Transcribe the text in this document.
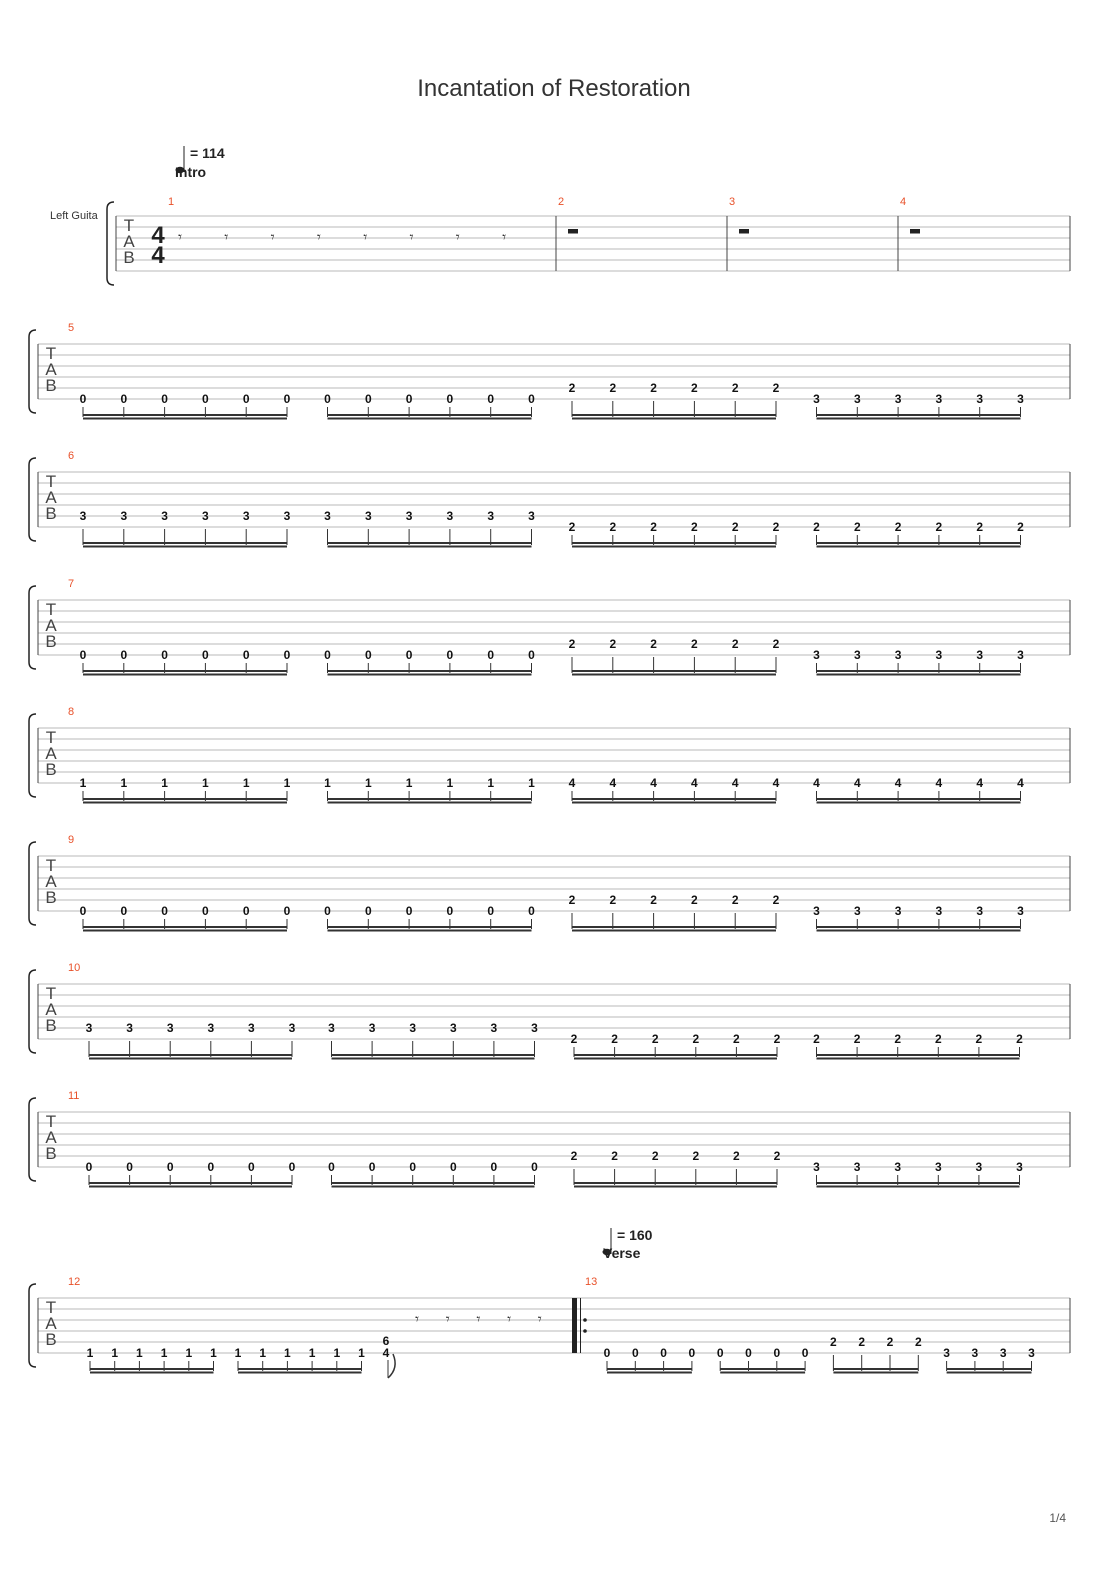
Incantation of Restoration
= 114
Intro
= 160
Verse
Left Guita T
A
B
4
4
1
𝄾	𝄾	𝄾	𝄾	𝄾	𝄾	𝄾	𝄾
2	3	4
T
A
B
5
0	0	0	0	0	0	0	0	0	0	0	0
2	2	2	2	2	2
3	3	3	3	3	3
T
A
B
6
3	3	3	3	3	3	3	3	3	3	3	3
2	2	2	2	2	2	2	2	2	2	2	2
T
A
B
7
0	0	0	0	0	0	0	0	0	0	0	0
2	2	2	2	2	2
3	3	3	3	3	3
T
A
B
8
1	1	1	1	1	1	1	1	1	1	1	1	4	4	4	4	4	4	4	4	4	4	4	4
T
A
B
9
0	0	0	0	0	0	0	0	0	0	0	0
2	2	2	2	2	2
3	3	3	3	3	3
T
A
B
10
3	3	3	3	3	3	3	3	3	3	3	3
2	2	2	2	2	2	2	2	2	2	2	2
T
A
B
11
0	0	0	0	0	0	0	0	0	0	0	0
2	2	2	2	2	2
3	3	3	3	3	3
T
A
B
12
1 1 1 1 1 1 1 1 1 1 1 1
6
4
𝄾 𝄾 𝄾 𝄾 𝄾
13
0 0 0 0 0 0 0 0
2 2 2 2
3 3 3 3
1/4
